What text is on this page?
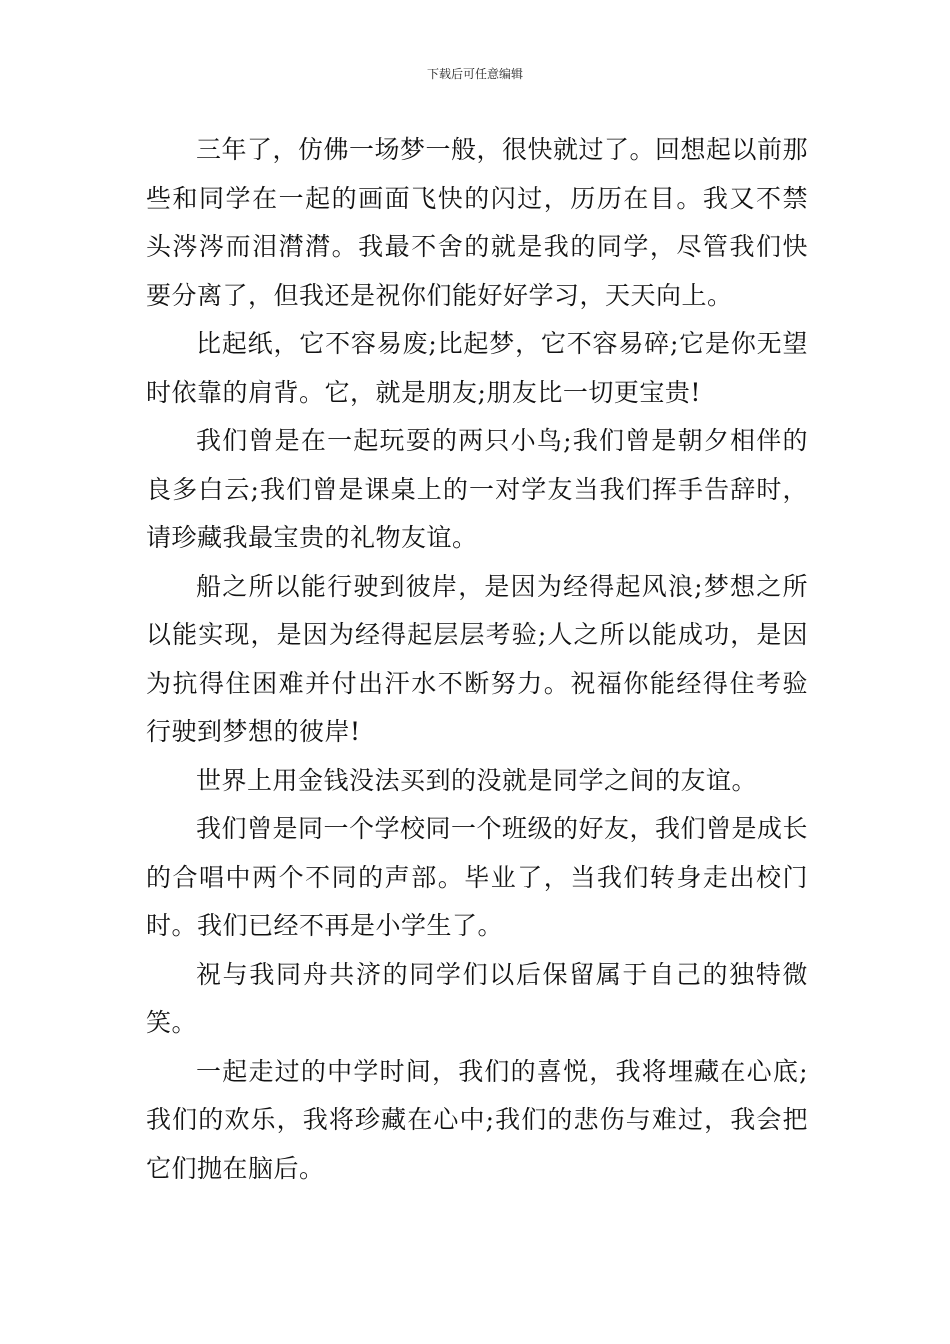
下载后可任意编辑

三年了，仿佛一场梦一般，很快就过了。回想起以前那些和同学在一起的画面飞快的闪过，历历在目。我又不禁头涔涔而泪潸潸。我最不舍的就是我的同学，尽管我们快要分离了，但我还是祝你们能好好学习，天天向上。

比起纸，它不容易废;比起梦，它不容易碎;它是你无望时依靠的肩背。它，就是朋友;朋友比一切更宝贵!

我们曾是在一起玩耍的两只小鸟;我们曾是朝夕相伴的良多白云;我们曾是课桌上的一对学友当我们挥手告辞时，请珍藏我最宝贵的礼物友谊。

船之所以能行驶到彼岸，是因为经得起风浪;梦想之所以能实现，是因为经得起层层考验;人之所以能成功，是因为抗得住困难并付出汗水不断努力。祝福你能经得住考验行驶到梦想的彼岸!

世界上用金钱没法买到的没就是同学之间的友谊。

我们曾是同一个学校同一个班级的好友，我们曾是成长的合唱中两个不同的声部。毕业了，当我们转身走出校门时。我们已经不再是小学生了。

祝与我同舟共济的同学们以后保留属于自己的独特微笑。

一起走过的中学时间，我们的喜悦，我将埋藏在心底;我们的欢乐，我将珍藏在心中;我们的悲伤与难过，我会把它们抛在脑后。
